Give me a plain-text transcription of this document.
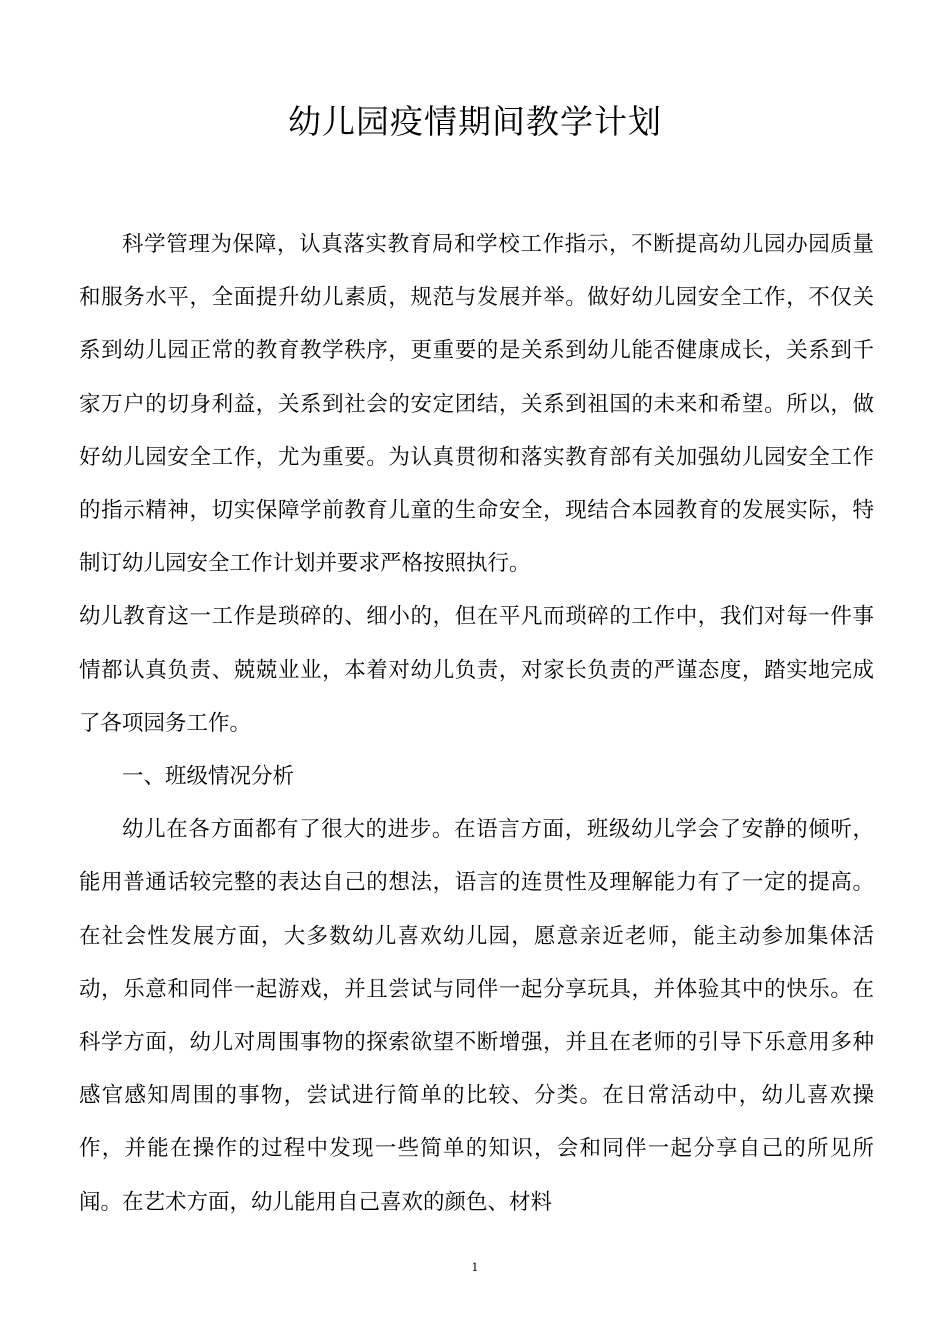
幼儿园疫情期间教学计划

科学管理为保障，认真落实教育局和学校工作指示，不断提高幼儿园办园质量和服务水平，全面提升幼儿素质，规范与发展并举。做好幼儿园安全工作，不仅关系到幼儿园正常的教育教学秩序，更重要的是关系到幼儿能否健康成长，关系到千家万户的切身利益，关系到社会的安定团结，关系到祖国的未来和希望。所以，做好幼儿园安全工作，尤为重要。为认真贯彻和落实教育部有关加强幼儿园安全工作的指示精神，切实保障学前教育儿童的生命安全，现结合本园教育的发展实际，特制订幼儿园安全工作计划并要求严格按照执行。

幼儿教育这一工作是琐碎的、细小的，但在平凡而琐碎的工作中，我们对每一件事情都认真负责、兢兢业业，本着对幼儿负责，对家长负责的严谨态度，踏实地完成了各项园务工作。

一、班级情况分析

幼儿在各方面都有了很大的进步。在语言方面，班级幼儿学会了安静的倾听，能用普通话较完整的表达自己的想法，语言的连贯性及理解能力有了一定的提高。在社会性发展方面，大多数幼儿喜欢幼儿园，愿意亲近老师，能主动参加集体活动，乐意和同伴一起游戏，并且尝试与同伴一起分享玩具，并体验其中的快乐。在科学方面，幼儿对周围事物的探索欲望不断增强，并且在老师的引导下乐意用多种感官感知周围的事物，尝试进行简单的比较、分类。在日常活动中，幼儿喜欢操作，并能在操作的过程中发现一些简单的知识，会和同伴一起分享自己的所见所闻。在艺术方面，幼儿能用自己喜欢的颜色、材料

1
